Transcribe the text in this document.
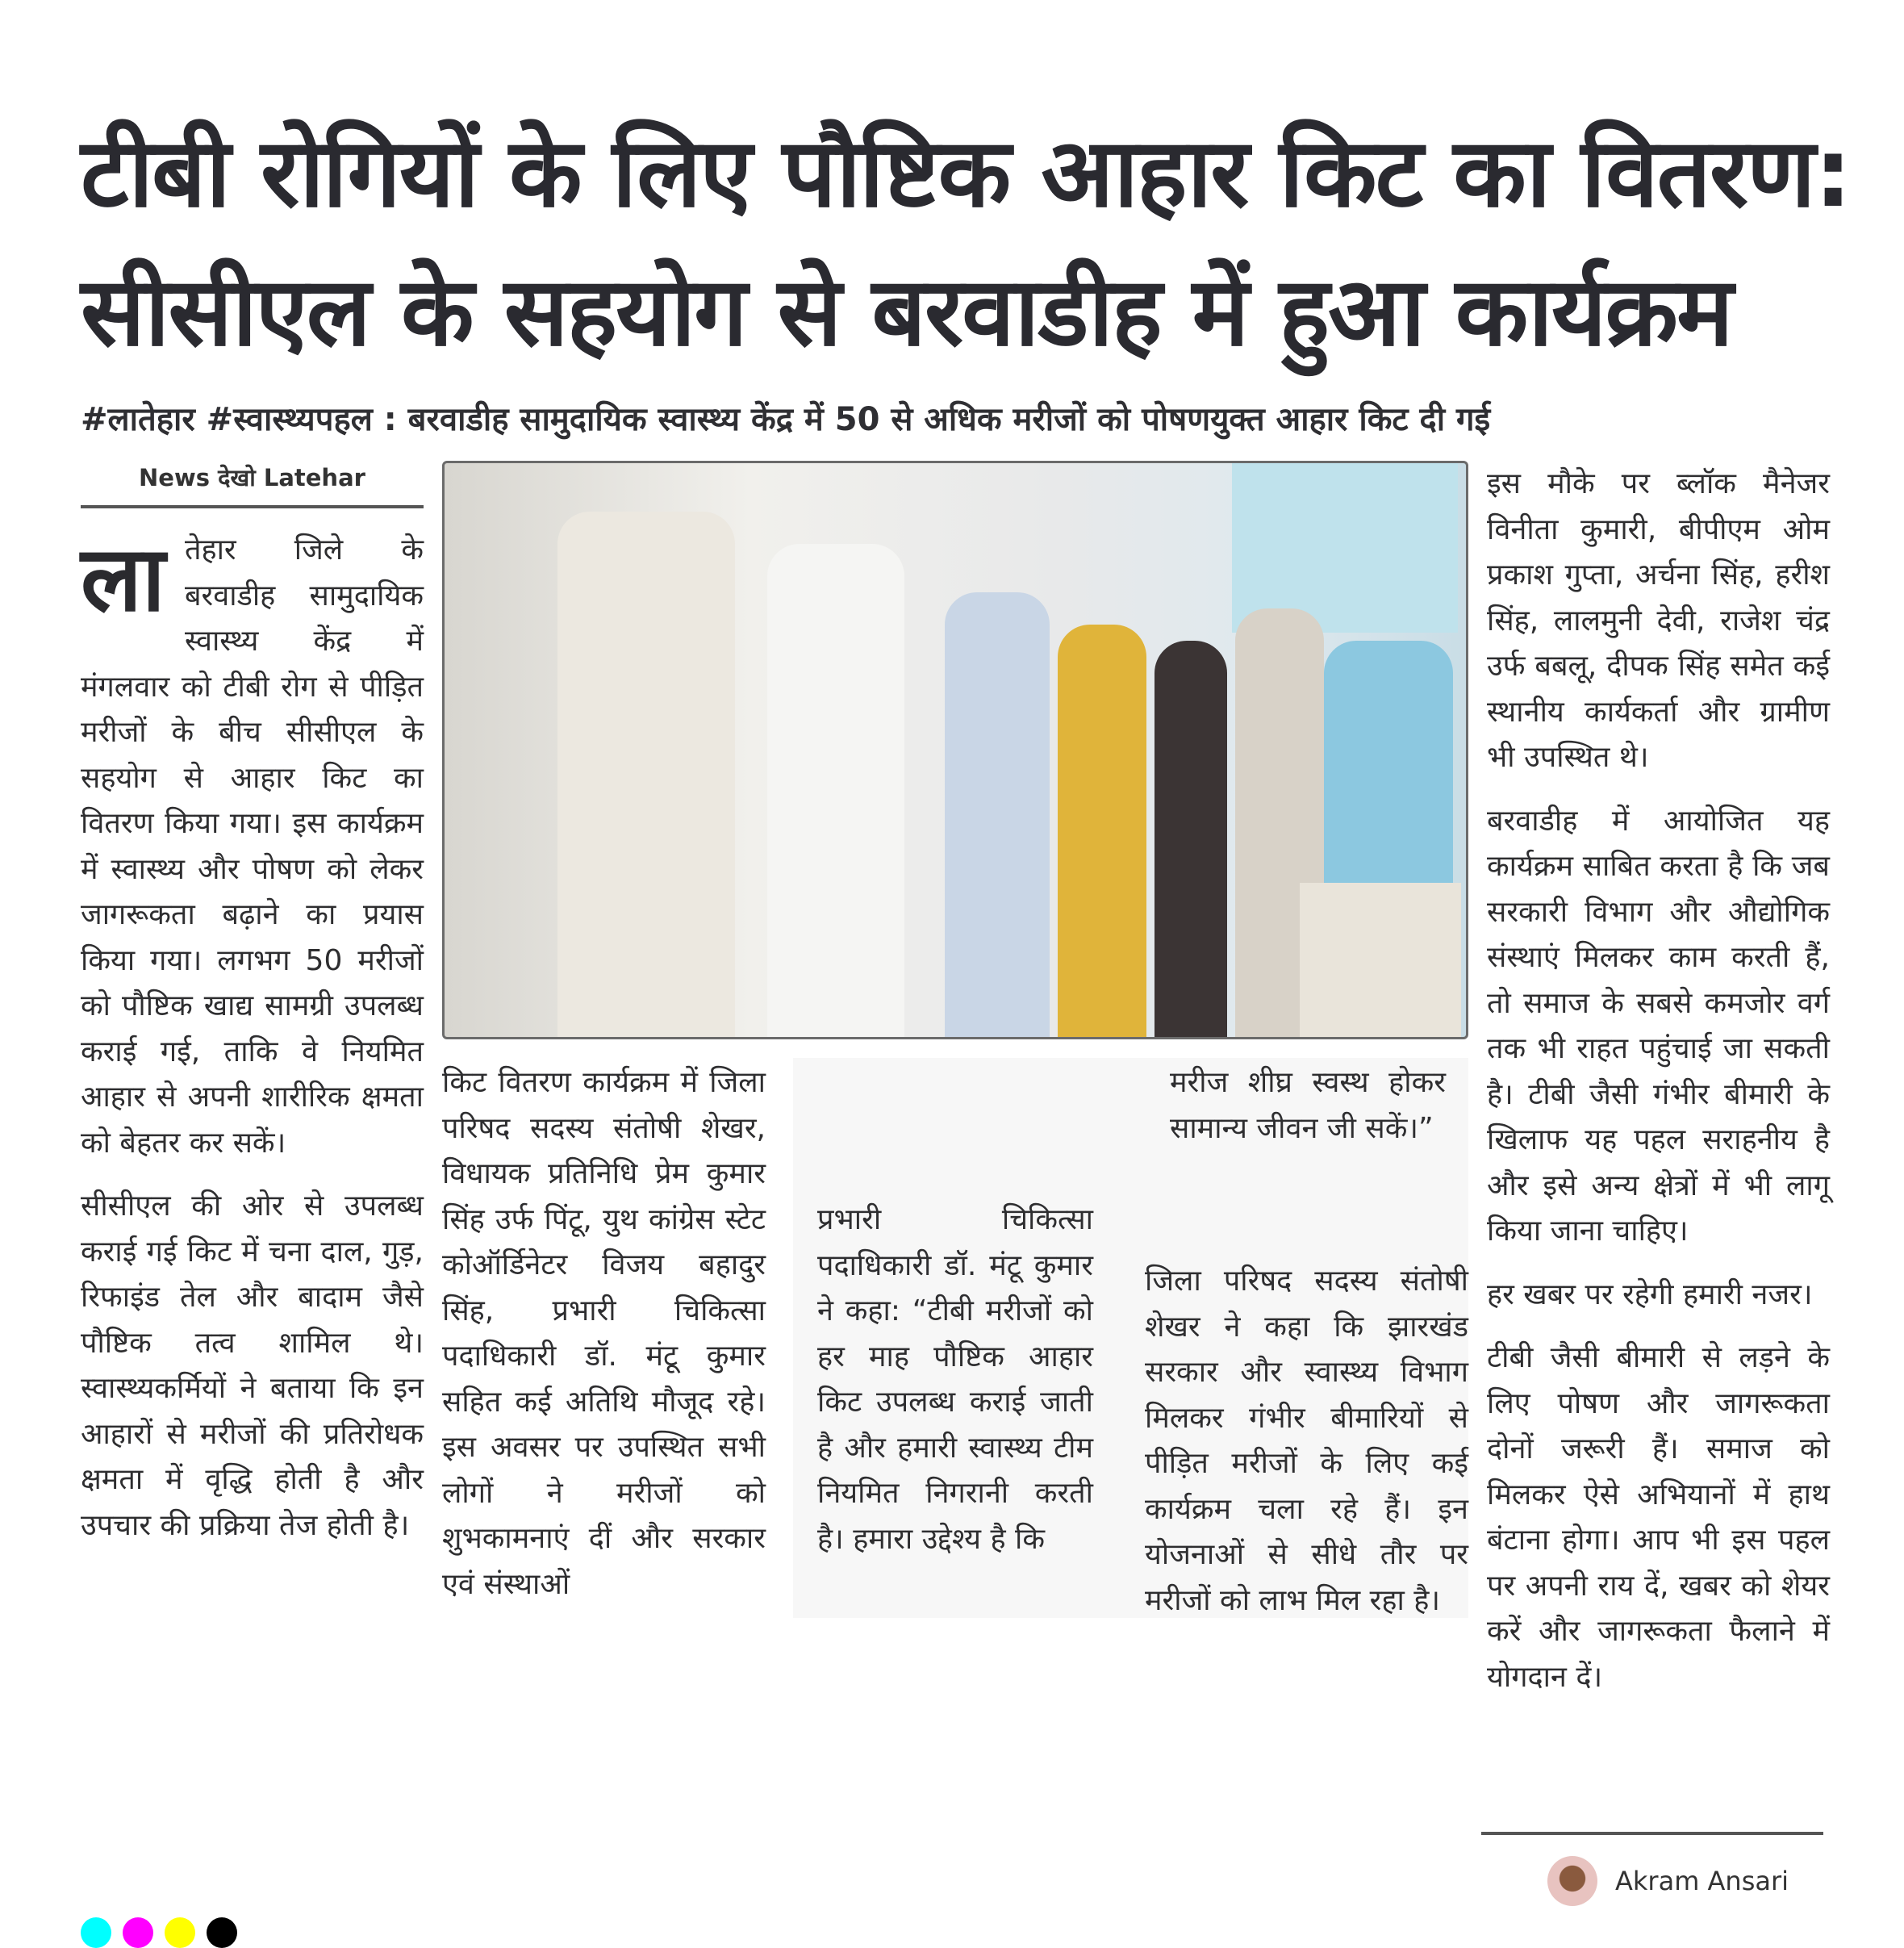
टीबी रोगियों के लिए पौष्टिक आहार किट का वितरण:
सीसीएल के सहयोग से बरवाडीह में हुआ कार्यक्रम
#लातेहार #स्वास्थ्यपहल : बरवाडीह सामुदायिक स्वास्थ्य केंद्र में 50 से अधिक मरीजों को पोषणयुक्त आहार किट दी गई
News देखो Latehar

लातेहार जिले के बरवाडीह सामुदायिक स्वास्थ्य केंद्र में मंगलवार को टीबी रोग से पीड़ित मरीजों के बीच सीसीएल के सहयोग से आहार किट का वितरण किया गया। इस कार्यक्रम में स्वास्थ्य और पोषण को लेकर जागरूकता बढ़ाने का प्रयास किया गया। लगभग 50 मरीजों को पौष्टिक खाद्य सामग्री उपलब्ध कराई गई, ताकि वे नियमित आहार से अपनी शारीरिक क्षमता को बेहतर कर सकें।

सीसीएल की ओर से उपलब्ध कराई गई किट में चना दाल, गुड़, रिफाइंड तेल और बादाम जैसे पौष्टिक तत्व शामिल थे। स्वास्थ्यकर्मियों ने बताया कि इन आहारों से मरीजों की प्रतिरोधक क्षमता में वृद्धि होती है और उपचार की प्रक्रिया तेज होती है।

किट वितरण कार्यक्रम में जिला परिषद सदस्य संतोषी शेखर, विधायक प्रतिनिधि प्रेम कुमार सिंह उर्फ पिंटू, युथ कांग्रेस स्टेट कोऑर्डिनेटर विजय बहादुर सिंह, प्रभारी चिकित्सा पदाधिकारी डॉ. मंटू कुमार सहित कई अतिथि मौजूद रहे। इस अवसर पर उपस्थित सभी लोगों ने मरीजों को शुभकामनाएं दीं और सरकार एवं संस्थाओं

प्रभारी चिकित्सा पदाधिकारी डॉ. मंटू कुमार ने कहा: “टीबी मरीजों को हर माह पौष्टिक आहार किट उपलब्ध कराई जाती है और हमारी स्वास्थ्य टीम नियमित निगरानी करती है। हमारा उद्देश्य है कि

मरीज शीघ्र स्वस्थ होकर सामान्य जीवन जी सकें।”

जिला परिषद सदस्य संतोषी शेखर ने कहा कि झारखंड सरकार और स्वास्थ्य विभाग मिलकर गंभीर बीमारियों से पीड़ित मरीजों के लिए कई कार्यक्रम चला रहे हैं। इन योजनाओं से सीधे तौर पर मरीजों को लाभ मिल रहा है।

इस मौके पर ब्लॉक मैनेजर विनीता कुमारी, बीपीएम ओम प्रकाश गुप्ता, अर्चना सिंह, हरीश सिंह, लालमुनी देवी, राजेश चंद्र उर्फ बबलू, दीपक सिंह समेत कई स्थानीय कार्यकर्ता और ग्रामीण भी उपस्थित थे।

बरवाडीह में आयोजित यह कार्यक्रम साबित करता है कि जब सरकारी विभाग और औद्योगिक संस्थाएं मिलकर काम करती हैं, तो समाज के सबसे कमजोर वर्ग तक भी राहत पहुंचाई जा सकती है। टीबी जैसी गंभीर बीमारी के खिलाफ यह पहल सराहनीय है और इसे अन्य क्षेत्रों में भी लागू किया जाना चाहिए।

हर खबर पर रहेगी हमारी नजर।

टीबी जैसी बीमारी से लड़ने के लिए पोषण और जागरूकता दोनों जरूरी हैं। समाज को मिलकर ऐसे अभियानों में हाथ बंटाना होगा। आप भी इस पहल पर अपनी राय दें, खबर को शेयर करें और जागरूकता फैलाने में योगदान दें।

Akram Ansari
